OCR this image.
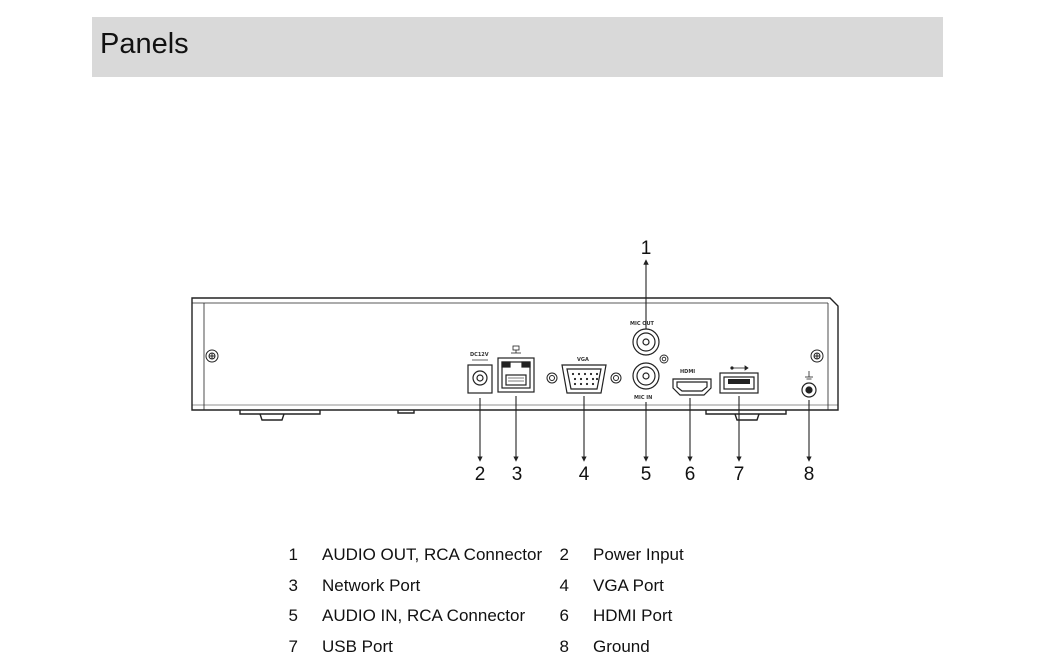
Panels
DC12V
VGA
MIC OUT
MIC IN
HDMI
1
2 3	4	5 6 7	8
1 AUDIO OUT, RCA Connector 2 Power Input
3 Network Port	4 VGA Port
5 AUDIO IN, RCA Connector 6 HDMI Port
7 USB Port	8 Ground
